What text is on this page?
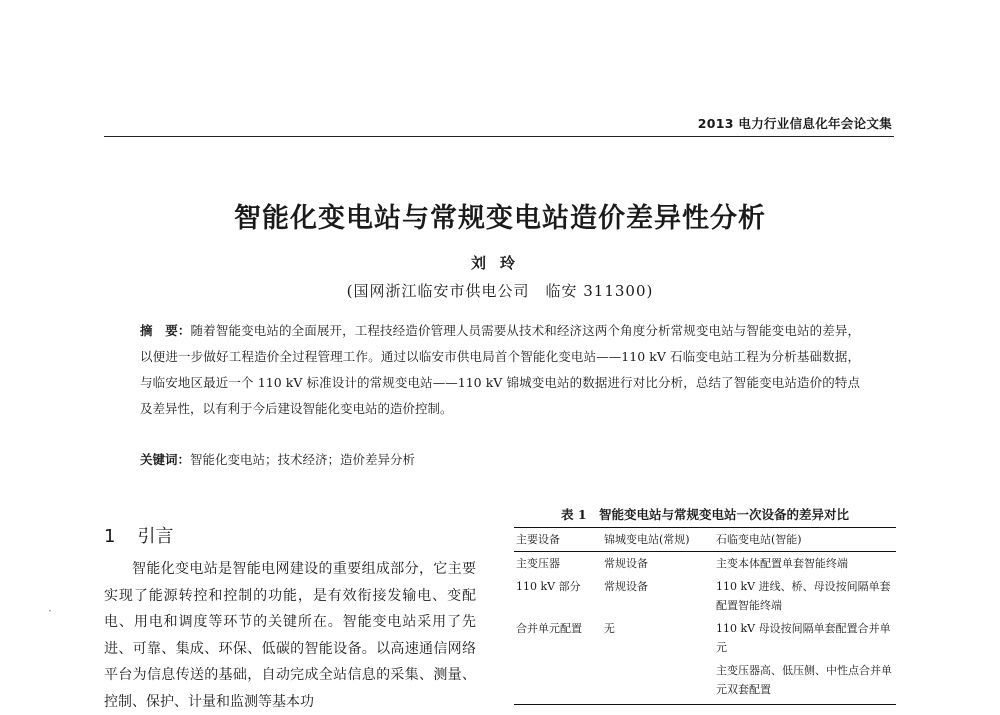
2013 电力行业信息化年会论文集
智能化变电站与常规变电站造价差异性分析
刘玲
(国网浙江临安市供电公司　临安 311300)
摘　要：随着智能变电站的全面展开，工程技经造价管理人员需要从技术和经济这两个角度分析常规变电站与智能变电站的差异，以便进一步做好工程造价全过程管理工作。通过以临安市供电局首个智能化变电站——110 kV 石临变电站工程为分析基础数据，与临安地区最近一个 110 kV 标准设计的常规变电站——110 kV 锦城变电站的数据进行对比分析，总结了智能变电站造价的特点及差异性，以有利于今后建设智能化变电站的造价控制。
关键词：智能化变电站；技术经济；造价差异分析
1 引言
·
智能化变电站是智能电网建设的重要组成部分，它主要实现了能源转控和控制的功能，是有效衔接发输电、变配电、用电和调度等环节的关键所在。智能变电站采用了先进、可靠、集成、环保、低碳的智能设备。以高速通信网络平台为信息传送的基础，自动完成全站信息的采集、测量、控制、保护、计量和监测等基本功
表 1　智能变电站与常规变电站一次设备的差异对比
主要设备	锦城变电站(常规)	石临变电站(智能)
主变压器	常规设备	主变本体配置单套智能终端
110 kV 部分	常规设备	110 kV 进线、桥、母设按间隔单套配置智能终端
合并单元配置	无	110 kV 母设按间隔单套配置合并单元
		主变压器高、低压侧、中性点合并单元双套配置
